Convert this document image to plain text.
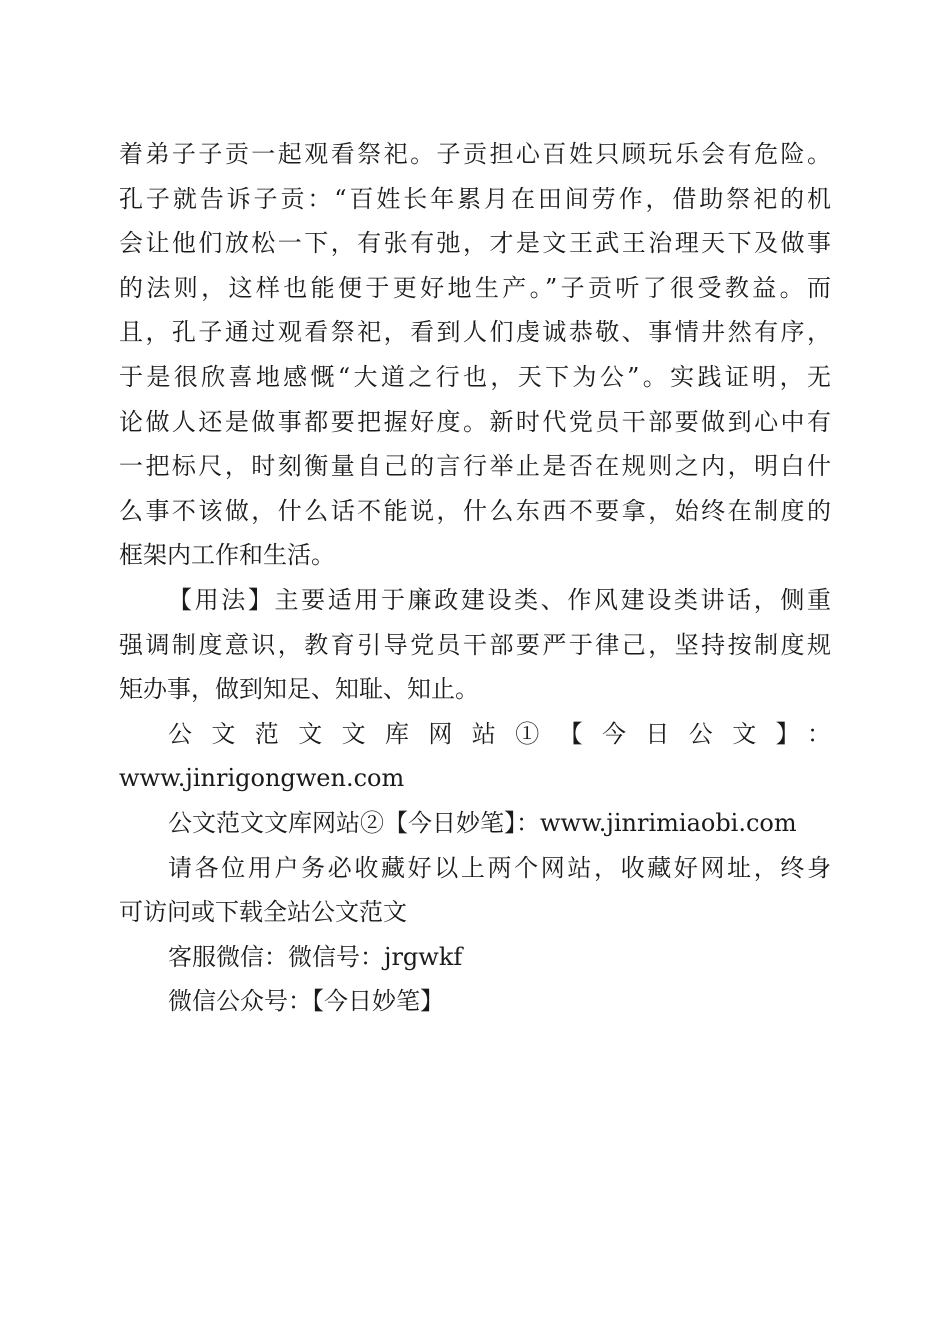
着弟子子贡一起观看祭祀。子贡担心百姓只顾玩乐会有危险。
孔子就告诉子贡：“百姓长年累月在田间劳作，借助祭祀的机
会让他们放松一下，有张有弛，才是文王武王治理天下及做事
的法则，这样也能便于更好地生产。”子贡听了很受教益。而
且，孔子通过观看祭祀，看到人们虔诚恭敬、事情井然有序，
于是很欣喜地感慨“大道之行也，天下为公”。实践证明，无
论做人还是做事都要把握好度。新时代党员干部要做到心中有
一把标尺，时刻衡量自己的言行举止是否在规则之内，明白什
么事不该做，什么话不能说，什么东西不要拿，始终在制度的
框架内工作和生活。
【用法】主要适用于廉政建设类、作风建设类讲话，侧重
强调制度意识，教育引导党员干部要严于律己，坚持按制度规
矩办事，做到知足、知耻、知止。
公文范文文库网站①【今日公文】：
www.jinrigongwen.com
公文范文文库网站②【今日妙笔】：www.jinrimiaobi.com
请各位用户务必收藏好以上两个网站，收藏好网址，终身
可访问或下载全站公文范文
客服微信：微信号：jrgwkf
微信公众号：【今日妙笔】
